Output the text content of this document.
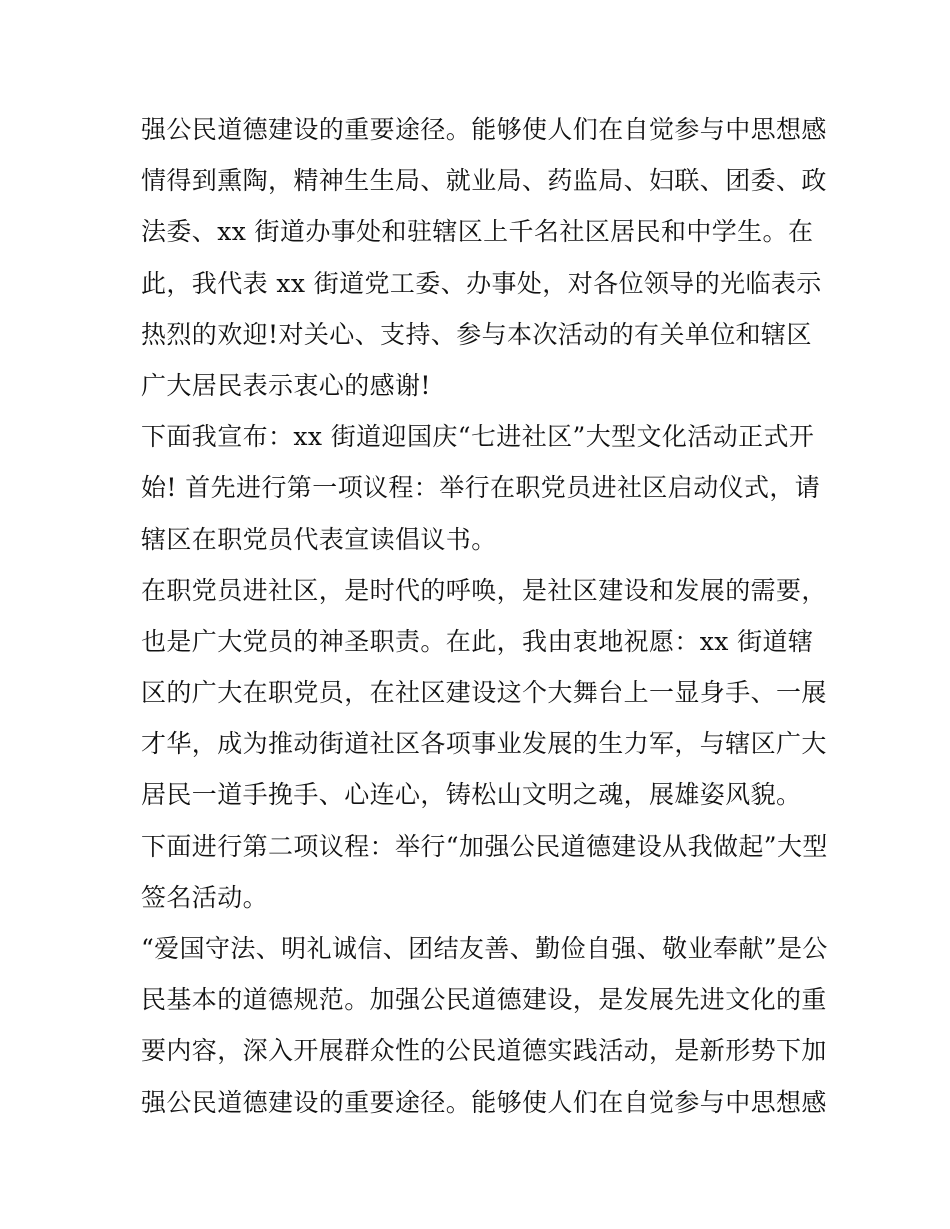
强公民道德建设的重要途径。能够使人们在自觉参与中思想感
情得到熏陶，精神生生局、就业局、药监局、妇联、团委、政
法委、xx 街道办事处和驻辖区上千名社区居民和中学生。在
此，我代表 xx 街道党工委、办事处，对各位领导的光临表示
热烈的欢迎!对关心、支持、参与本次活动的有关单位和辖区
广大居民表示衷心的感谢!
下面我宣布：xx 街道迎国庆“七进社区”大型文化活动正式开
始! 首先进行第一项议程：举行在职党员进社区启动仪式，请
辖区在职党员代表宣读倡议书。
在职党员进社区，是时代的呼唤，是社区建设和发展的需要，
也是广大党员的神圣职责。在此，我由衷地祝愿：xx 街道辖
区的广大在职党员，在社区建设这个大舞台上一显身手、一展
才华，成为推动街道社区各项事业发展的生力军，与辖区广大
居民一道手挽手、心连心，铸松山文明之魂，展雄姿风貌。
下面进行第二项议程：举行“加强公民道德建设从我做起”大型
签名活动。
“爱国守法、明礼诚信、团结友善、勤俭自强、敬业奉献”是公
民基本的道德规范。加强公民道德建设，是发展先进文化的重
要内容，深入开展群众性的公民道德实践活动，是新形势下加
强公民道德建设的重要途径。能够使人们在自觉参与中思想感
